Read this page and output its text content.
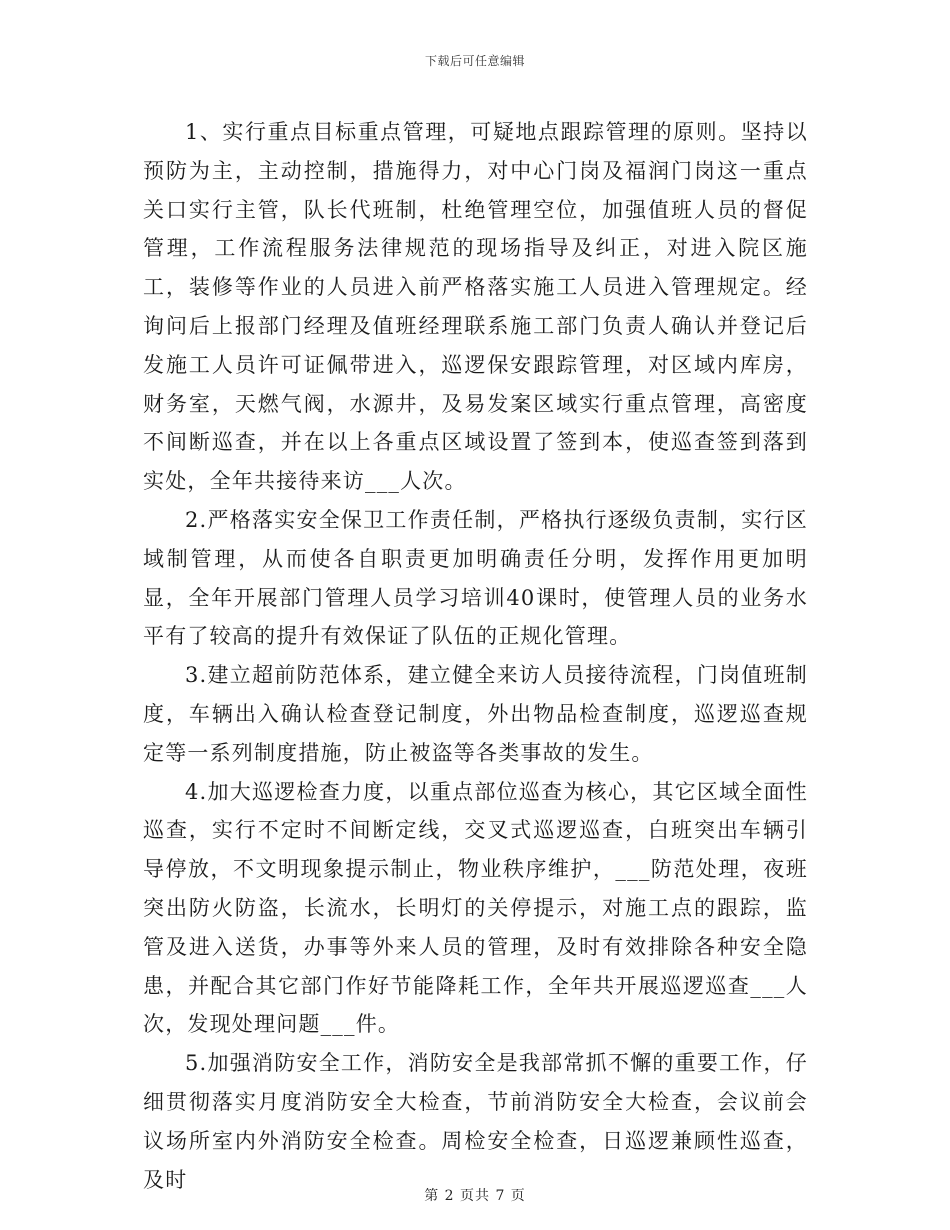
下载后可任意编辑

1、实行重点目标重点管理，可疑地点跟踪管理的原则。坚持以预防为主，主动控制，措施得力，对中心门岗及福润门岗这一重点关口实行主管，队长代班制，杜绝管理空位，加强值班人员的督促管理，工作流程服务法律规范的现场指导及纠正，对进入院区施工，装修等作业的人员进入前严格落实施工人员进入管理规定。经询问后上报部门经理及值班经理联系施工部门负责人确认并登记后发施工人员许可证佩带进入，巡逻保安跟踪管理，对区域内库房，财务室，天燃气阀，水源井，及易发案区域实行重点管理，高密度不间断巡查，并在以上各重点区域设置了签到本，使巡查签到落到实处，全年共接待来访___人次。

2.严格落实安全保卫工作责任制，严格执行逐级负责制，实行区域制管理，从而使各自职责更加明确责任分明，发挥作用更加明显，全年开展部门管理人员学习培训40课时，使管理人员的业务水平有了较高的提升有效保证了队伍的正规化管理。

3.建立超前防范体系，建立健全来访人员接待流程，门岗值班制度，车辆出入确认检查登记制度，外出物品检查制度，巡逻巡查规定等一系列制度措施，防止被盗等各类事故的发生。

4.加大巡逻检查力度，以重点部位巡查为核心，其它区域全面性巡查，实行不定时不间断定线，交叉式巡逻巡查，白班突出车辆引导停放，不文明现象提示制止，物业秩序维护，___防范处理，夜班突出防火防盗，长流水，长明灯的关停提示，对施工点的跟踪，监管及进入送货，办事等外来人员的管理，及时有效排除各种安全隐患，并配合其它部门作好节能降耗工作，全年共开展巡逻巡查___人次，发现处理问题___件。

5.加强消防安全工作，消防安全是我部常抓不懈的重要工作，仔细贯彻落实月度消防安全大检查，节前消防安全大检查，会议前会议场所室内外消防安全检查。周检安全检查，日巡逻兼顾性巡查，及时

第 2 页共 7 页
